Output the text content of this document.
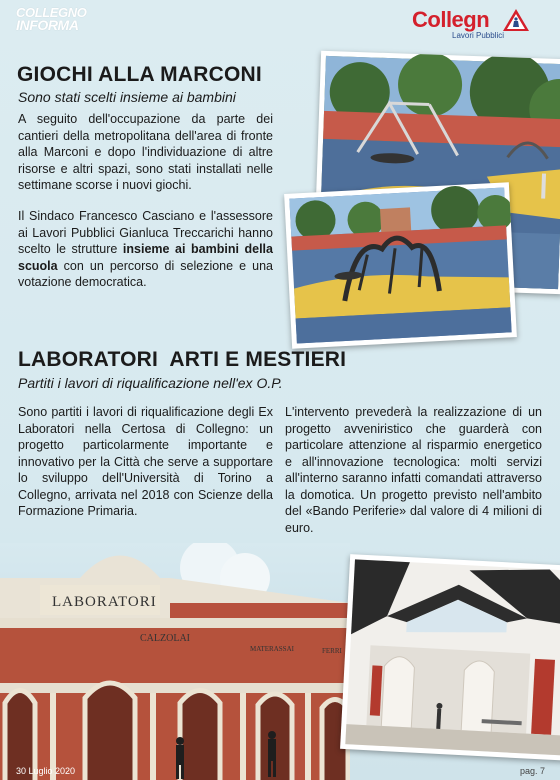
COLLEGNO
INFORMA	Collegn
Lavori Pubblici
GIOCHI ALLA MARCONI
Sono stati scelti insieme ai bambini
A seguito dell'occupazione da parte dei cantieri della metropolitana dell'area di fronte alla Marconi e dopo l'individuazione di altre risorse e altri spazi, sono stati installati nelle settimane scorse i nuovi giochi.
Il Sindaco Francesco Casciano e l'assessore ai Lavori Pubblici Gianluca Treccarichi hanno scelto le strutture insieme ai bambini della scuola con un percorso di selezione e una votazione democratica.
LABORATORI  ARTI E MESTIERI
Partiti i lavori di riqualificazione nell'ex O.P.
Sono partiti i lavori di riqualificazione degli Ex Laboratori nella Certosa di Collegno: un progetto particolarmente importante e innovativo per la Città che serve a supportare lo sviluppo dell'Università di Torino a Collegno, arrivata nel 2018 con Scienze della Formazione Primaria.
L'intervento prevederà la realizzazione di un progetto avveniristico che guarderà con particolare attenzione al risparmio energetico e all'innovazione tecnologica: molti servizi all'interno saranno infatti comandati attraverso la domotica. Un progetto previsto nell'ambito del «Bando Periferie» dal valore di 4 milioni di euro.
LABORATORI
CALZOLAI
MATERASSAI	FERRI
30 Luglio 2020	pag. 7
